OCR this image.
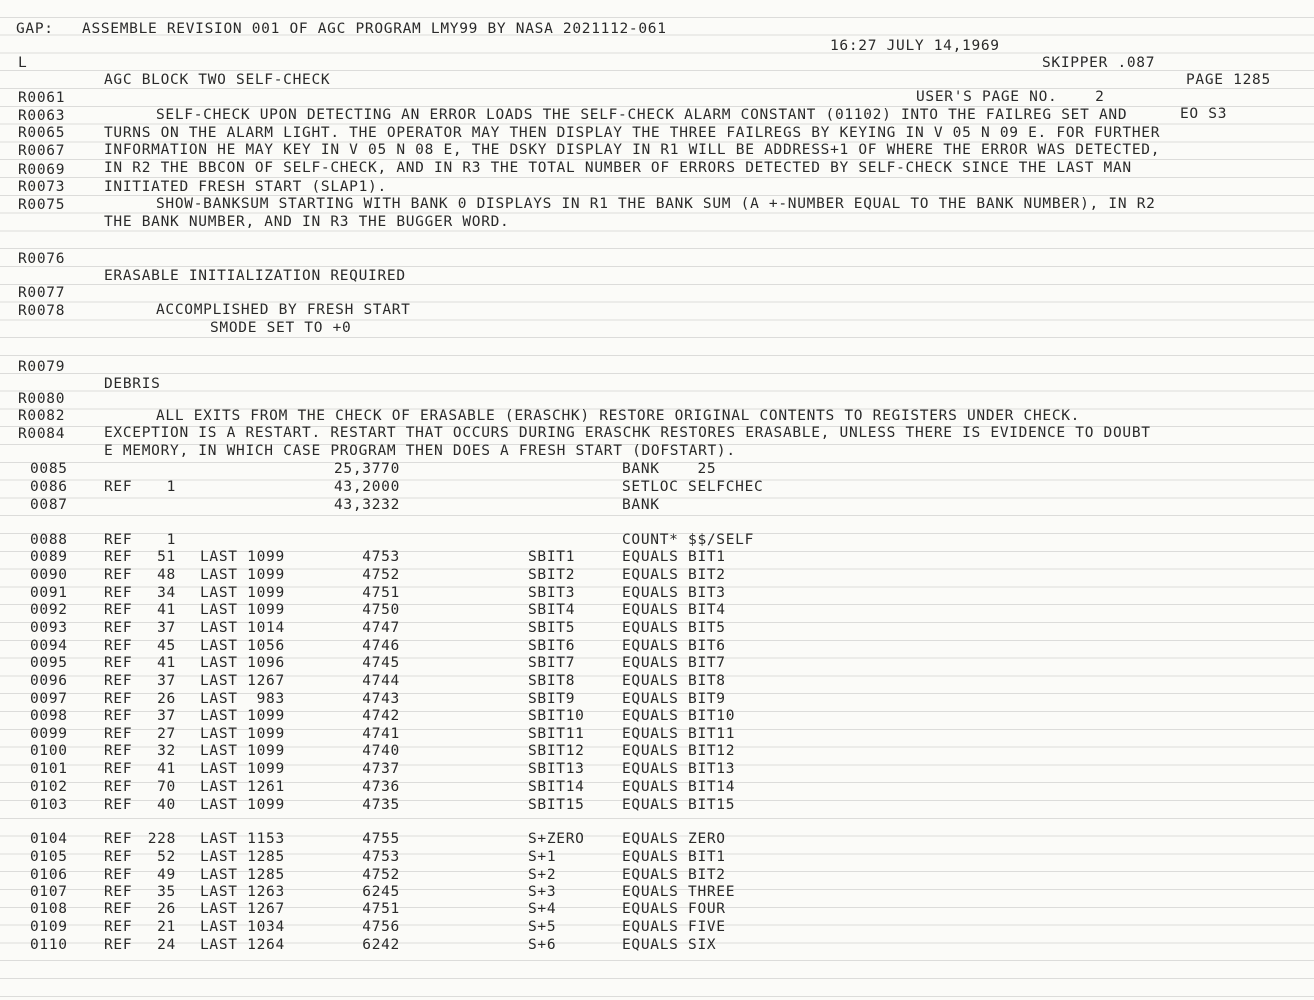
GAP:   ASSEMBLE REVISION 001 OF AGC PROGRAM LMY99 BY NASA 2021112-061

16:27 JULY 14,1969

SKIPPER .087

PAGE 1285

L

AGC BLOCK TWO SELF-CHECK

USER'S PAGE NO.    2

EO S3

R0061

SELF-CHECK UPON DETECTING AN ERROR LOADS THE SELF-CHECK ALARM CONSTANT (01102) INTO THE FAILREG SET AND

R0063

TURNS ON THE ALARM LIGHT. THE OPERATOR MAY THEN DISPLAY THE THREE FAILREGS BY KEYING IN V 05 N 09 E. FOR FURTHER

R0065

INFORMATION HE MAY KEY IN V 05 N 08 E, THE DSKY DISPLAY IN R1 WILL BE ADDRESS+1 OF WHERE THE ERROR WAS DETECTED,

R0067

IN R2 THE BBCON OF SELF-CHECK, AND IN R3 THE TOTAL NUMBER OF ERRORS DETECTED BY SELF-CHECK SINCE THE LAST MAN

R0069

INITIATED FRESH START (SLAP1).

R0073

SHOW-BANKSUM STARTING WITH BANK 0 DISPLAYS IN R1 THE BANK SUM (A +-NUMBER EQUAL TO THE BANK NUMBER), IN R2

R0075

THE BANK NUMBER, AND IN R3 THE BUGGER WORD.

R0076

ERASABLE INITIALIZATION REQUIRED

R0077

ACCOMPLISHED BY FRESH START

R0078

SMODE SET TO +0

R0079

DEBRIS

R0080

ALL EXITS FROM THE CHECK OF ERASABLE (ERASCHK) RESTORE ORIGINAL CONTENTS TO REGISTERS UNDER CHECK.

R0082

EXCEPTION IS A RESTART. RESTART THAT OCCURS DURING ERASCHK RESTORES ERASABLE, UNLESS THERE IS EVIDENCE TO DOUBT

R0084

E MEMORY, IN WHICH CASE PROGRAM THEN DOES A FRESH START (DOFSTART).

0085	25,3770	BANK    25
0086	REF	1	43,2000	SETLOC SELFCHEC
0087	43,3232	BANK
0088	REF	1	COUNT* $$/SELF
0089	REF	51 LAST 1099	4753	SBIT1	EQUALS BIT1
0090	REF	48 LAST 1099	4752	SBIT2	EQUALS BIT2
0091	REF	34 LAST 1099	4751	SBIT3	EQUALS BIT3
0092	REF	41 LAST 1099	4750	SBIT4	EQUALS BIT4
0093	REF	37 LAST 1014	4747	SBIT5	EQUALS BIT5
0094	REF	45 LAST 1056	4746	SBIT6	EQUALS BIT6
0095	REF	41 LAST 1096	4745	SBIT7	EQUALS BIT7
0096	REF	37 LAST 1267	4744	SBIT8	EQUALS BIT8
0097	REF	26 LAST  983	4743	SBIT9	EQUALS BIT9
0098	REF	37 LAST 1099	4742	SBIT10	EQUALS BIT10
0099	REF	27 LAST 1099	4741	SBIT11	EQUALS BIT11
0100	REF	32 LAST 1099	4740	SBIT12	EQUALS BIT12
0101	REF	41 LAST 1099	4737	SBIT13	EQUALS BIT13
0102	REF	70 LAST 1261	4736	SBIT14	EQUALS BIT14
0103	REF	40 LAST 1099	4735	SBIT15	EQUALS BIT15
0104	REF 228 LAST 1153	4755	S+ZERO	EQUALS ZERO
0105	REF	52 LAST 1285	4753	S+1	EQUALS BIT1
0106	REF	49 LAST 1285	4752	S+2	EQUALS BIT2
0107	REF	35 LAST 1263	6245	S+3	EQUALS THREE
0108	REF	26 LAST 1267	4751	S+4	EQUALS FOUR
0109	REF	21 LAST 1034	4756	S+5	EQUALS FIVE
0110	REF	24 LAST 1264	6242	S+6	EQUALS SIX
